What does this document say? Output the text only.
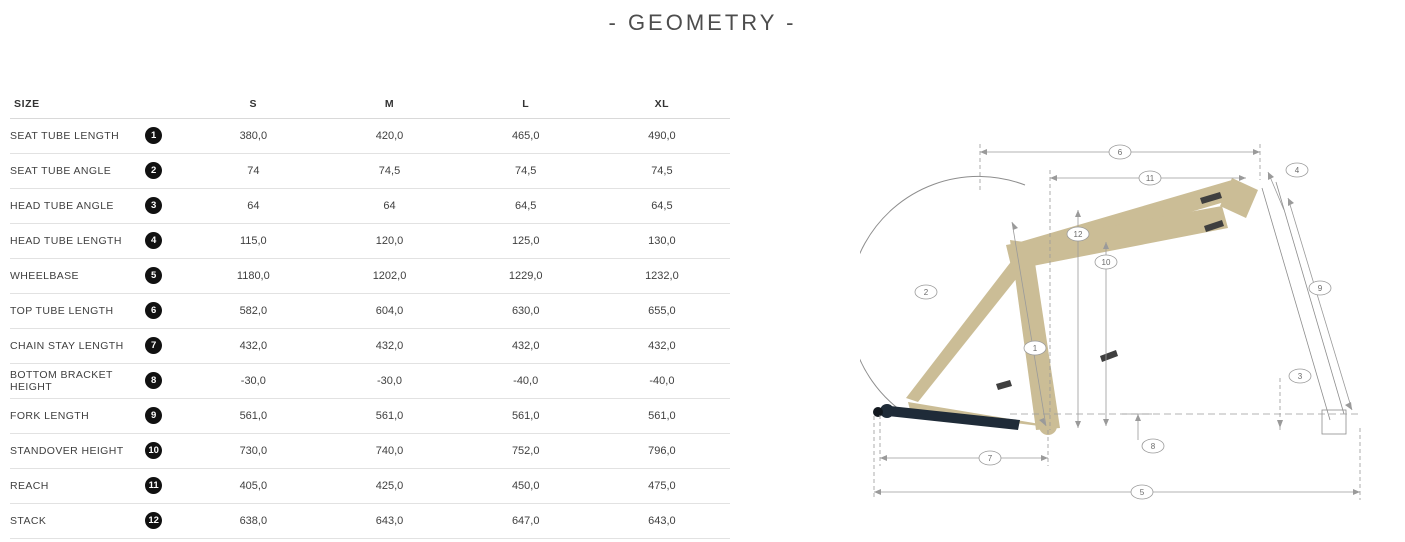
- GEOMETRY -
SIZE		S	M	L	XL
SEAT TUBE LENGTH	1	380,0	420,0	465,0	490,0
SEAT TUBE ANGLE	2	74	74,5	74,5	74,5
HEAD TUBE ANGLE	3	64	64	64,5	64,5
HEAD TUBE LENGTH	4	115,0	120,0	125,0	130,0
WHEELBASE	5	1180,0	1202,0	1229,0	1232,0
TOP TUBE LENGTH	6	582,0	604,0	630,0	655,0
CHAIN STAY LENGTH	7	432,0	432,0	432,0	432,0
BOTTOM BRACKET HEIGHT	8	-30,0	-30,0	-40,0	-40,0
FORK LENGTH	9	561,0	561,0	561,0	561,0
STANDOVER HEIGHT	10	730,0	740,0	752,0	796,0
REACH	11	405,0	425,0	450,0	475,0
STACK	12	638,0	643,0	647,0	643,0
6
11
12
10
1
2
4
9
3
8
7
5
